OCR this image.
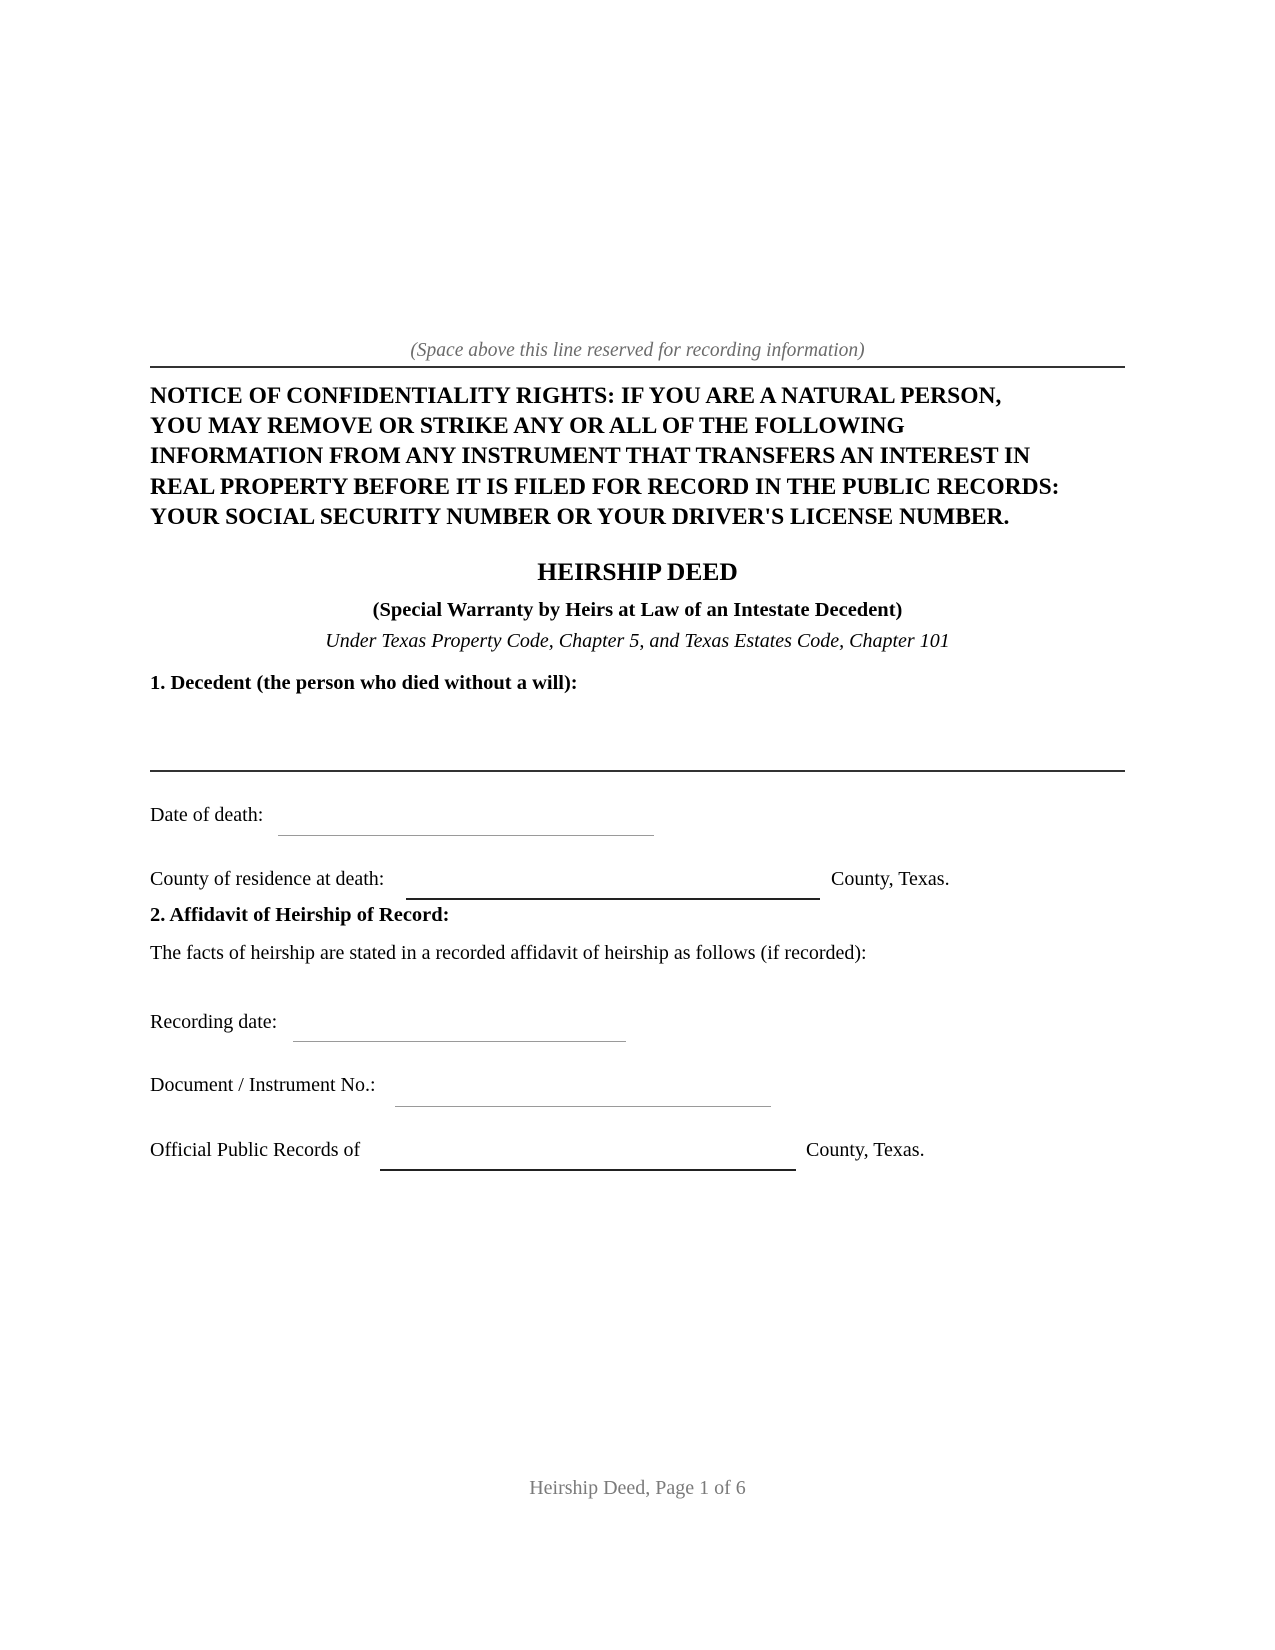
(Space above this line reserved for recording information)
NOTICE OF CONFIDENTIALITY RIGHTS: IF YOU ARE A NATURAL PERSON,
YOU MAY REMOVE OR STRIKE ANY OR ALL OF THE FOLLOWING
INFORMATION FROM ANY INSTRUMENT THAT TRANSFERS AN INTEREST IN
REAL PROPERTY BEFORE IT IS FILED FOR RECORD IN THE PUBLIC RECORDS:
YOUR SOCIAL SECURITY NUMBER OR YOUR DRIVER'S LICENSE NUMBER.
HEIRSHIP DEED
(Special Warranty by Heirs at Law of an Intestate Decedent)
Under Texas Property Code, Chapter 5, and Texas Estates Code, Chapter 101
1. Decedent (the person who died without a will):
Date of death:
County of residence at death:	County, Texas.
2. Affidavit of Heirship of Record:
The facts of heirship are stated in a recorded affidavit of heirship as follows (if recorded):
Recording date:
Document / Instrument No.:
Official Public Records of	County, Texas.
Heirship Deed, Page 1 of 6
